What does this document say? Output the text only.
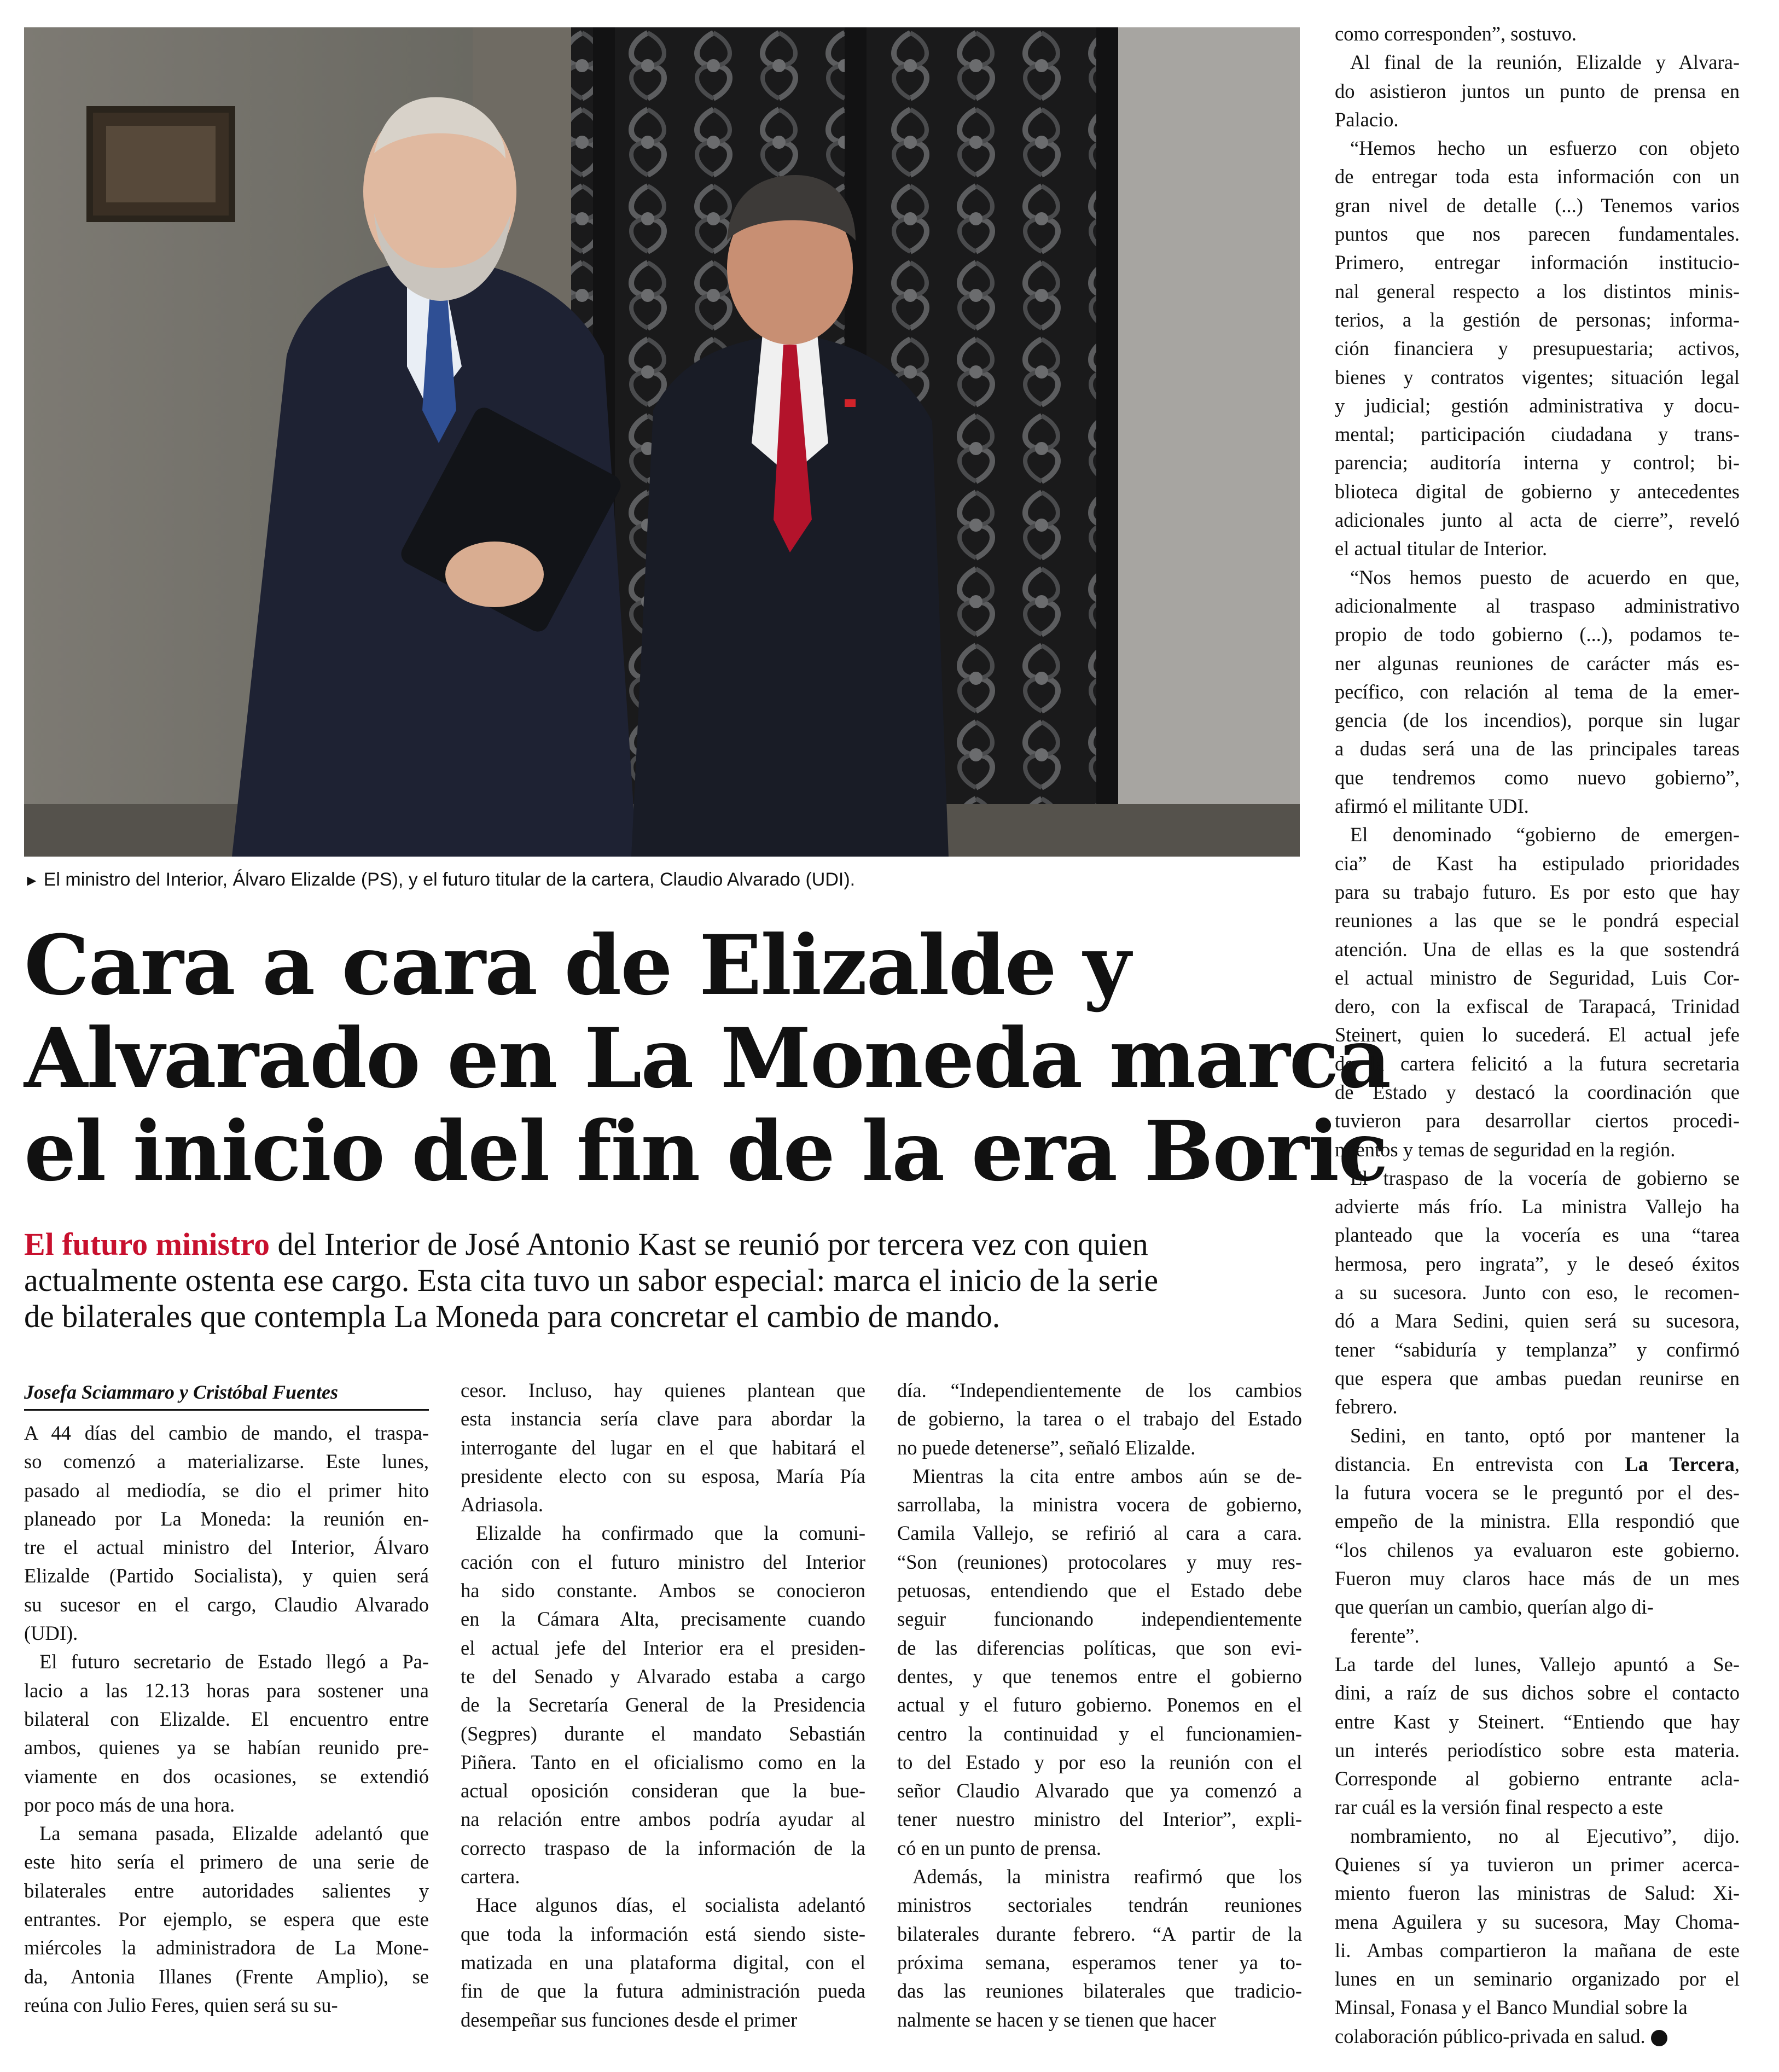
► El ministro del Interior, Álvaro Elizalde (PS), y el futuro titular de la cartera, Claudio Alvarado (UDI).
Cara a cara de Elizalde y
Alvarado en La Moneda marca
el inicio del fin de la era Boric
El futuro ministro del Interior de José Antonio Kast se reunió por tercera vez con quien
actualmente ostenta ese cargo. Esta cita tuvo un sabor especial: marca el inicio de la serie
de bilaterales que contempla La Moneda para concretar el cambio de mando.
Josefa Sciammaro y Cristóbal Fuentes
A 44 días del cambio de mando, el traspa-
so comenzó a materializarse. Este lunes,
pasado al mediodía, se dio el primer hito
planeado por La Moneda: la reunión en-
tre el actual ministro del Interior, Álvaro
Elizalde (Partido Socialista), y quien será
su sucesor en el cargo, Claudio Alvarado
(UDI).
El futuro secretario de Estado llegó a Pa-
lacio a las 12.13 horas para sostener una
bilateral con Elizalde. El encuentro entre
ambos, quienes ya se habían reunido pre-
viamente en dos ocasiones, se extendió
por poco más de una hora.
La semana pasada, Elizalde adelantó que
este hito sería el primero de una serie de
bilaterales entre autoridades salientes y
entrantes. Por ejemplo, se espera que este
miércoles la administradora de La Mone-
da, Antonia Illanes (Frente Amplio), se
reúna con Julio Feres, quien será su su-
cesor. Incluso, hay quienes plantean que
esta instancia sería clave para abordar la
interrogante del lugar en el que habitará el
presidente electo con su esposa, María Pía
Adriasola.
Elizalde ha confirmado que la comuni-
cación con el futuro ministro del Interior
ha sido constante. Ambos se conocieron
en la Cámara Alta, precisamente cuando
el actual jefe del Interior era el presiden-
te del Senado y Alvarado estaba a cargo
de la Secretaría General de la Presidencia
(Segpres) durante el mandato Sebastián
Piñera. Tanto en el oficialismo como en la
actual oposición consideran que la bue-
na relación entre ambos podría ayudar al
correcto traspaso de la información de la
cartera.
Hace algunos días, el socialista adelantó
que toda la información está siendo siste-
matizada en una plataforma digital, con el
fin de que la futura administración pueda
desempeñar sus funciones desde el primer
día. “Independientemente de los cambios
de gobierno, la tarea o el trabajo del Estado
no puede detenerse”, señaló Elizalde.
Mientras la cita entre ambos aún se de-
sarrollaba, la ministra vocera de gobierno,
Camila Vallejo, se refirió al cara a cara.
“Son (reuniones) protocolares y muy res-
petuosas, entendiendo que el Estado debe
seguir funcionando independientemente
de las diferencias políticas, que son evi-
dentes, y que tenemos entre el gobierno
actual y el futuro gobierno. Ponemos en el
centro la continuidad y el funcionamien-
to del Estado y por eso la reunión con el
señor Claudio Alvarado que ya comenzó a
tener nuestro ministro del Interior”, expli-
có en un punto de prensa.
Además, la ministra reafirmó que los
ministros sectoriales tendrán reuniones
bilaterales durante febrero. “A partir de la
próxima semana, esperamos tener ya to-
das las reuniones bilaterales que tradicio-
nalmente se hacen y se tienen que hacer
como corresponden”, sostuvo.
Al final de la reunión, Elizalde y Alvara-
do asistieron juntos un punto de prensa en
Palacio.
“Hemos hecho un esfuerzo con objeto
de entregar toda esta información con un
gran nivel de detalle (...) Tenemos varios
puntos que nos parecen fundamentales.
Primero, entregar información institucio-
nal general respecto a los distintos minis-
terios, a la gestión de personas; informa-
ción financiera y presupuestaria; activos,
bienes y contratos vigentes; situación legal
y judicial; gestión administrativa y docu-
mental; participación ciudadana y trans-
parencia; auditoría interna y control; bi-
blioteca digital de gobierno y antecedentes
adicionales junto al acta de cierre”, reveló
el actual titular de Interior.
“Nos hemos puesto de acuerdo en que,
adicionalmente al traspaso administrativo
propio de todo gobierno (...), podamos te-
ner algunas reuniones de carácter más es-
pecífico, con relación al tema de la emer-
gencia (de los incendios), porque sin lugar
a dudas será una de las principales tareas
que tendremos como nuevo gobierno”,
afirmó el militante UDI.
El denominado “gobierno de emergen-
cia” de Kast ha estipulado prioridades
para su trabajo futuro. Es por esto que hay
reuniones a las que se le pondrá especial
atención. Una de ellas es la que sostendrá
el actual ministro de Seguridad, Luis Cor-
dero, con la exfiscal de Tarapacá, Trinidad
Steinert, quien lo sucederá. El actual jefe
de la cartera felicitó a la futura secretaria
de Estado y destacó la coordinación que
tuvieron para desarrollar ciertos procedi-
mientos y temas de seguridad en la región.
El traspaso de la vocería de gobierno se
advierte más frío. La ministra Vallejo ha
planteado que la vocería es una “tarea
hermosa, pero ingrata”, y le deseó éxitos
a su sucesora. Junto con eso, le recomen-
dó a Mara Sedini, quien será su sucesora,
tener “sabiduría y templanza” y confirmó
que espera que ambas puedan reunirse en
febrero.
Sedini, en tanto, optó por mantener la
distancia. En entrevista con La Tercera,
la futura vocera se le preguntó por el des-
empeño de la ministra. Ella respondió que
“los chilenos ya evaluaron este gobierno.
Fueron muy claros hace más de un mes
que querían un cambio, querían algo di-
ferente”.
La tarde del lunes, Vallejo apuntó a Se-
dini, a raíz de sus dichos sobre el contacto
entre Kast y Steinert. “Entiendo que hay
un interés periodístico sobre esta materia.
Corresponde al gobierno entrante acla-
rar cuál es la versión final respecto a este
nombramiento, no al Ejecutivo”, dijo.
Quienes sí ya tuvieron un primer acerca-
miento fueron las ministras de Salud: Xi-
mena Aguilera y su sucesora, May Choma-
li. Ambas compartieron la mañana de este
lunes en un seminario organizado por el
Minsal, Fonasa y el Banco Mundial sobre la
colaboración público-privada en salud.
